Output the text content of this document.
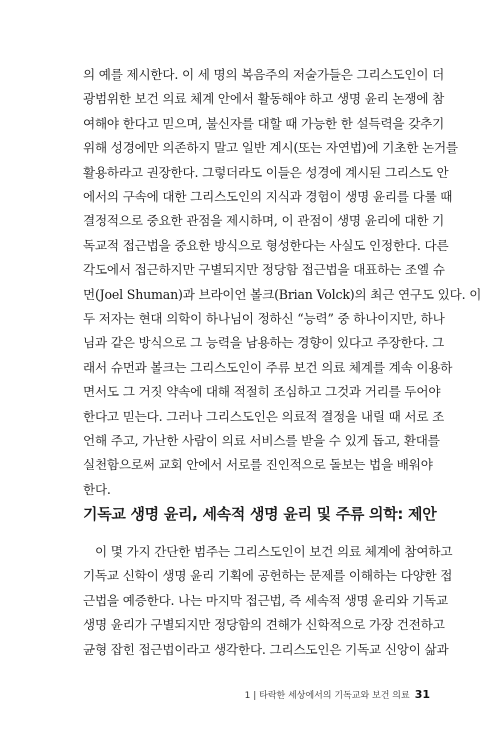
의 예를 제시한다. 이 세 명의 복음주의 저술가들은 그리스도인이 더
광범위한 보건 의료 체계 안에서 활동해야 하고 생명 윤리 논쟁에 참
여해야 한다고 믿으며, 불신자를 대할 때 가능한 한 설득력을 갖추기
위해 성경에만 의존하지 말고 일반 계시(또는 자연법)에 기초한 논거를
활용하라고 권장한다. 그렇더라도 이들은 성경에 계시된 그리스도 안
에서의 구속에 대한 그리스도인의 지식과 경험이 생명 윤리를 다룰 때
결정적으로 중요한 관점을 제시하며, 이 관점이 생명 윤리에 대한 기
독교적 접근법을 중요한 방식으로 형성한다는 사실도 인정한다. 다른
각도에서 접근하지만 구별되지만 정당함 접근법을 대표하는 조엘 슈
먼(Joel Shuman)과 브라이언 볼크(Brian Volck)의 최근 연구도 있다. 이
두 저자는 현대 의학이 하나님이 정하신 “능력” 중 하나이지만, 하나
님과 같은 방식으로 그 능력을 남용하는 경향이 있다고 주장한다. 그
래서 슈먼과 볼크는 그리스도인이 주류 보건 의료 체계를 계속 이용하
면서도 그 거짓 약속에 대해 적절히 조심하고 그것과 거리를 두어야
한다고 믿는다. 그러나 그리스도인은 의료적 결정을 내릴 때 서로 조
언해 주고, 가난한 사람이 의료 서비스를 받을 수 있게 돕고, 환대를
실천함으로써 교회 안에서 서로를 진인적으로 돌보는 법을 배워야
한다.
기독교 생명 윤리, 세속적 생명 윤리 및 주류 의학: 제안
이 몇 가지 간단한 범주는 그리스도인이 보건 의료 체계에 참여하고
기독교 신학이 생명 윤리 기획에 공헌하는 문제를 이해하는 다양한 접
근법을 예증한다. 나는 마지막 접근법, 즉 세속적 생명 윤리와 기독교
생명 윤리가 구별되지만 정당함의 견해가 신학적으로 가장 건전하고
균형 잡힌 접근법이라고 생각한다. 그리스도인은 기독교 신앙이 삶과
1 | 타락한 세상에서의 기독교와 보건 의료 31
